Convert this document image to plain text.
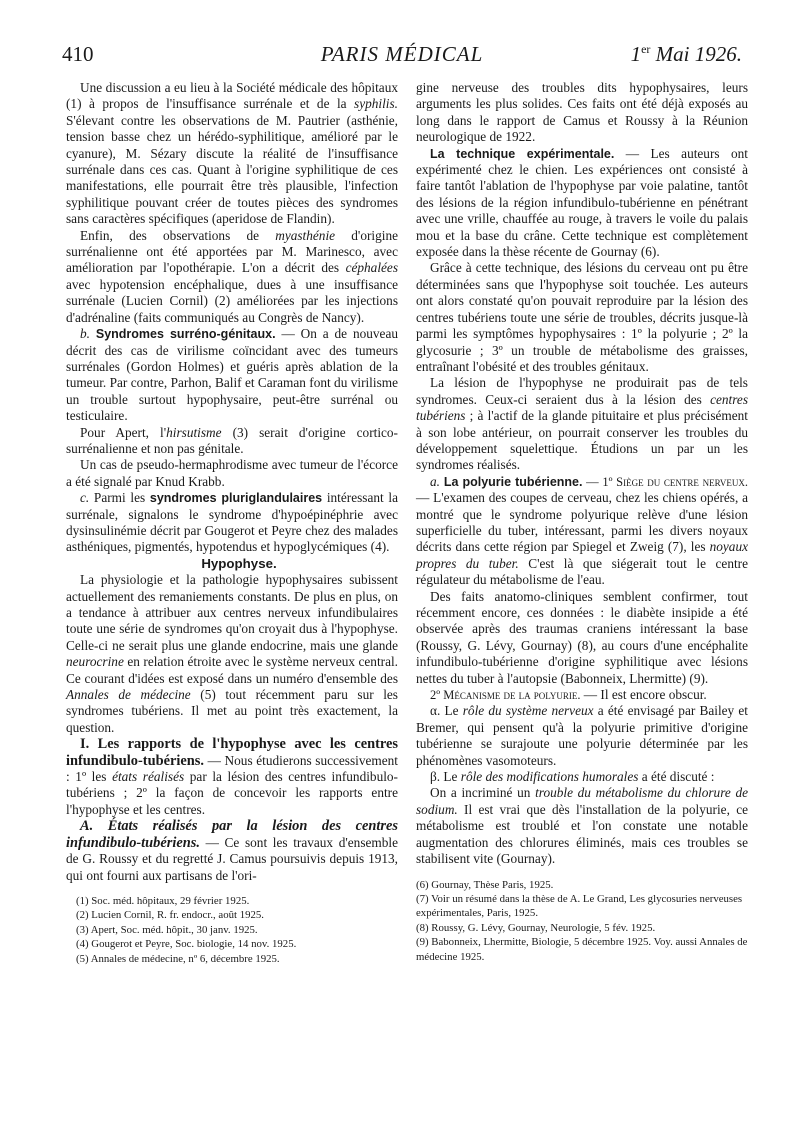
410	PARIS MÉDICAL	1er Mai 1926.

Une discussion a eu lieu à la Société médicale des hôpitaux (1) à propos de l'insuffisance surrénale et de la syphilis. S'élevant contre les observations de M. Pautrier (asthénie, tension basse chez un hérédo-syphilitique, amélioré par le cyanure), M. Sézary discute la réalité de l'insuffisance surrénale dans ces cas. Quant à l'origine syphilitique de ces manifestations, elle pourrait être très plausible, l'infection syphilitique pouvant créer de toutes pièces des syndromes sans caractères spécifiques (aperidose de Flandin).

Enfin, des observations de myasthénie d'origine surrénalienne ont été apportées par M. Marinesco, avec amélioration par l'opothérapie. L'on a décrit des céphalées avec hypotension encéphalique, dues à une insuffisance surrénale (Lucien Cornil) (2) améliorées par les injections d'adrénaline (faits communiqués au Congrès de Nancy).

b. Syndromes surréno-génitaux. — On a de nouveau décrit des cas de virilisme coïncidant avec des tumeurs surrénales (Gordon Holmes) et guéris après ablation de la tumeur. Par contre, Parhon, Balif et Caraman font du virilisme un trouble surtout hypophysaire, peut-être surrénal ou testiculaire.

Pour Apert, l'hirsutisme (3) serait d'origine cortico-surrénalienne et non pas génitale.

Un cas de pseudo-hermaphrodisme avec tumeur de l'écorce a été signalé par Knud Krabb.

c. Parmi les syndromes pluriglandulaires intéressant la surrénale, signalons le syndrome d'hypoépinéphrie avec dysinsulinémie décrit par Gougerot et Peyre chez des malades asthéniques, pigmentés, hypotendus et hypoglycémiques (4).

Hypophyse.

La physiologie et la pathologie hypophysaires subissent actuellement des remaniements constants. De plus en plus, on a tendance à attribuer aux centres nerveux infundibulaires toute une série de syndromes qu'on croyait dus à l'hypophyse. Celle-ci ne serait plus une glande endocrine, mais une glande neurocrine en relation étroite avec le système nerveux central. Ce courant d'idées est exposé dans un numéro d'ensemble des Annales de médecine (5) tout récemment paru sur les syndromes tubériens. Il met au point très exactement, la question.

I. Les rapports de l'hypophyse avec les centres infundibulo-tubériens. — Nous étudierons successivement : 1º les états réalisés par la lésion des centres infundibulo-tubériens ; 2º la façon de concevoir les rapports entre l'hypophyse et les centres.

A. États réalisés par la lésion des centres infundibulo-tubériens. — Ce sont les travaux d'ensemble de G. Roussy et du regretté J. Camus poursuivis depuis 1913, qui ont fourni aux partisans de l'ori-

(1) Soc. méd. hôpitaux, 29 février 1925.
(2) Lucien Cornil, R. fr. endocr., août 1925.
(3) Apert, Soc. méd. hôpit., 30 janv. 1925.
(4) Gougerot et Peyre, Soc. biologie, 14 nov. 1925.
(5) Annales de médecine, nº 6, décembre 1925.

gine nerveuse des troubles dits hypophysaires, leurs arguments les plus solides. Ces faits ont été déjà exposés au long dans le rapport de Camus et Roussy à la Réunion neurologique de 1922.

La technique expérimentale. — Les auteurs ont expérimenté chez le chien. Les expériences ont consisté à faire tantôt l'ablation de l'hypophyse par voie palatine, tantôt des lésions de la région infundibulo-tubérienne en pénétrant avec une vrille, chauffée au rouge, à travers le voile du palais mou et la base du crâne. Cette technique est complètement exposée dans la thèse récente de Gournay (6).

Grâce à cette technique, des lésions du cerveau ont pu être déterminées sans que l'hypophyse soit touchée. Les auteurs ont alors constaté qu'on pouvait reproduire par la lésion des centres tubériens toute une série de troubles, décrits jusque-là parmi les symptômes hypophysaires : 1º la polyurie ; 2º la glycosurie ; 3º un trouble de métabolisme des graisses, entraînant l'obésité et des troubles génitaux.

La lésion de l'hypophyse ne produirait pas de tels syndromes. Ceux-ci seraient dus à la lésion des centres tubériens ; à l'actif de la glande pituitaire et plus précisément à son lobe antérieur, on pourrait conserver les troubles du développement squelettique. Étudions un par un les syndromes réalisés.

a. La polyurie tubérienne. — 1º Siège du centre nerveux. — L'examen des coupes de cerveau, chez les chiens opérés, a montré que le syndrome polyurique relève d'une lésion superficielle du tuber, intéressant, parmi les divers noyaux décrits dans cette région par Spiegel et Zweig (7), les noyaux propres du tuber. C'est là que siégerait tout le centre régulateur du métabolisme de l'eau.

Des faits anatomo-cliniques semblent confirmer, tout récemment encore, ces données : le diabète insipide a été observée après des traumas craniens intéressant la base (Roussy, G. Lévy, Gournay) (8), au cours d'une encéphalite infundibulo-tubérienne d'origine syphilitique avec lésions nettes du tuber à l'autopsie (Babonneix, Lhermitte) (9).

2º Mécanisme de la polyurie. — Il est encore obscur.

α. Le rôle du système nerveux a été envisagé par Bailey et Bremer, qui pensent qu'à la polyurie primitive d'origine tubérienne se surajoute une polyurie déterminée par les phénomènes vasomoteurs.

β. Le rôle des modifications humorales a été discuté :

On a incriminé un trouble du métabolisme du chlorure de sodium. Il est vrai que dès l'installation de la polyurie, ce métabolisme est troublé et l'on constate une notable augmentation des chlorures éliminés, mais ces troubles se stabilisent vite (Gournay).

(6) Gournay, Thèse Paris, 1925.
(7) Voir un résumé dans la thèse de A. Le Grand, Les glycosuries nerveuses expérimentales, Paris, 1925.
(8) Roussy, G. Lévy, Gournay, Neurologie, 5 fév. 1925.
(9) Babonneix, Lhermitte, Biologie, 5 décembre 1925. Voy. aussi Annales de médecine 1925.
